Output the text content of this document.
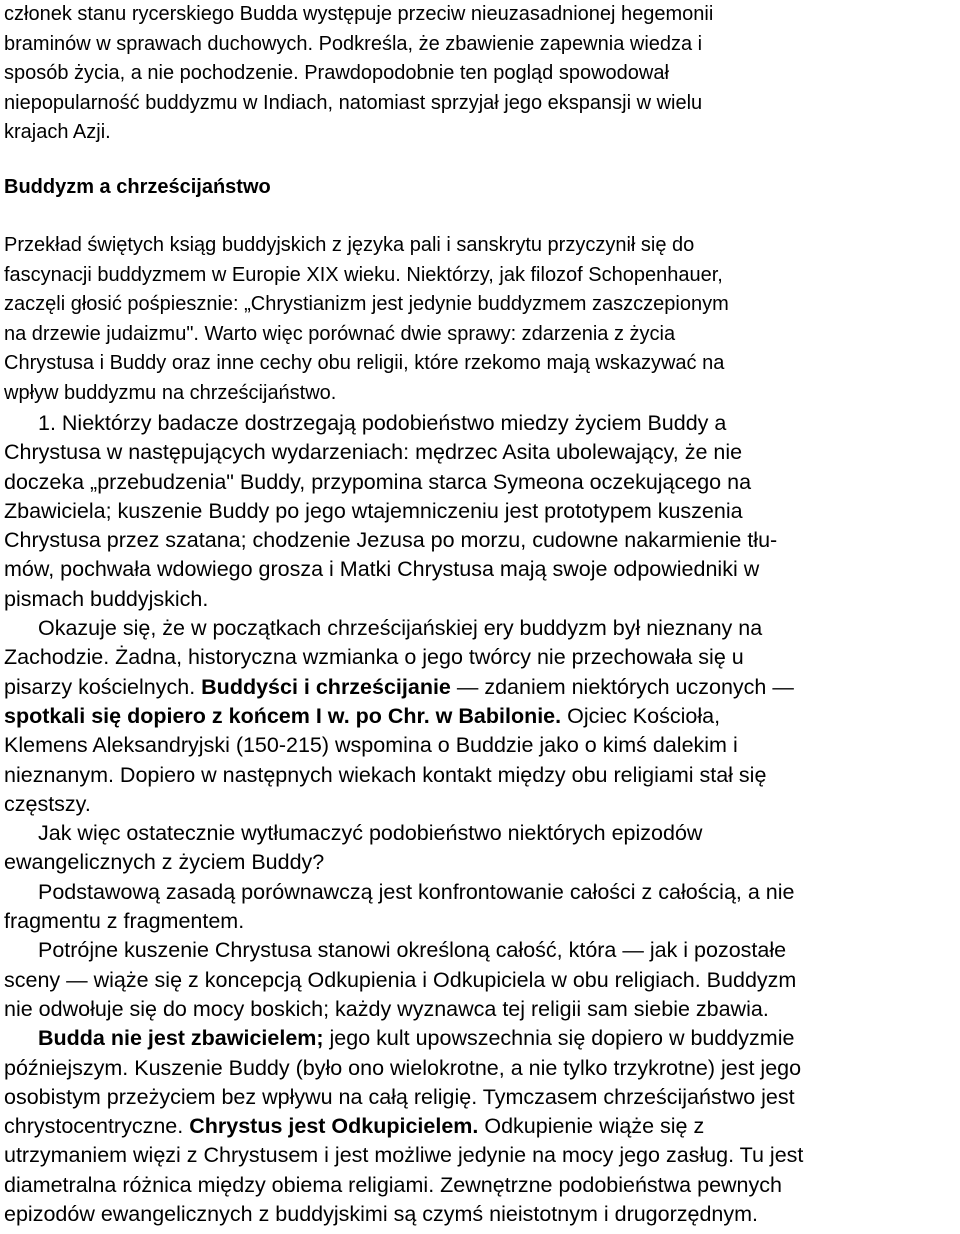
członek stanu rycerskiego Budda występuje przeciw nieuzasadnionej hegemonii
braminów w sprawach duchowych. Podkreśla, że zbawienie zapewnia wiedza i
sposób życia, a nie pochodzenie. Prawdopodobnie ten pogląd spowodował
niepopularność buddyzmu w Indiach, natomiast sprzyjał jego ekspansji w wielu
krajach Azji.

Buddyzm a chrześcijaństwo

Przekład świętych ksiąg buddyjskich z języka pali i sanskrytu przyczynił się do
fascynacji buddyzmem w Europie XIX wieku. Niektórzy, jak filozof Schopenhauer,
zaczęli głosić pośpiesznie: „Chrystianizm jest jedynie buddyzmem zaszczepionym
na drzewie judaizmu". Warto więc porównać dwie sprawy: zdarzenia z życia
Chrystusa i Buddy oraz inne cechy obu religii, które rzekomo mają wskazywać na
wpływ buddyzmu na chrześcijaństwo.

1. Niektórzy badacze dostrzegają podobieństwo miedzy życiem Buddy a
Chrystusa w następujących wydarzeniach: mędrzec Asita ubolewający, że nie
doczeka „przebudzenia" Buddy, przypomina starca Symeona oczekującego na
Zbawiciela; kuszenie Buddy po jego wtajemniczeniu jest prototypem kuszenia
Chrystusa przez szatana; chodzenie Jezusa po morzu, cudowne nakarmienie tłu-
mów, pochwała wdowiego grosza i Matki Chrystusa mają swoje odpowiedniki w
pismach buddyjskich.
Okazuje się, że w początkach chrześcijańskiej ery buddyzm był nieznany na
Zachodzie. Żadna, historyczna wzmianka o jego twórcy nie przechowała się u
pisarzy kościelnych. Buddyści i chrześcijanie — zdaniem niektórych uczonych —
spotkali się dopiero z końcem I w. po Chr. w Babilonie. Ojciec Kościoła,
Klemens Aleksandryjski (150-215) wspomina o Buddzie jako o kimś dalekim i
nieznanym. Dopiero w następnych wiekach kontakt między obu religiami stał się
częstszy.
Jak więc ostatecznie wytłumaczyć podobieństwo niektórych epizodów
ewangelicznych z życiem Buddy?
Podstawową zasadą porównawczą jest konfrontowanie całości z całością, a nie
fragmentu z fragmentem.
Potrójne kuszenie Chrystusa stanowi określoną całość, która — jak i pozostałe
sceny — wiąże się z koncepcją Odkupienia i Odkupiciela w obu religiach. Buddyzm
nie odwołuje się do mocy boskich; każdy wyznawca tej religii sam siebie zbawia.
Budda nie jest zbawicielem; jego kult upowszechnia się dopiero w buddyzmie
późniejszym. Kuszenie Buddy (było ono wielokrotne, a nie tylko trzykrotne) jest jego
osobistym przeżyciem bez wpływu na całą religię. Tymczasem chrześcijaństwo jest
chrystocentryczne. Chrystus jest Odkupicielem. Odkupienie wiąże się z
utrzymaniem więzi z Chrystusem i jest możliwe jedynie na mocy jego zasług. Tu jest
diametralna różnica między obiema religiami. Zewnętrzne podobieństwa pewnych
epizodów ewangelicznych z buddyjskimi są czymś nieistotnym i drugorzędnym.
